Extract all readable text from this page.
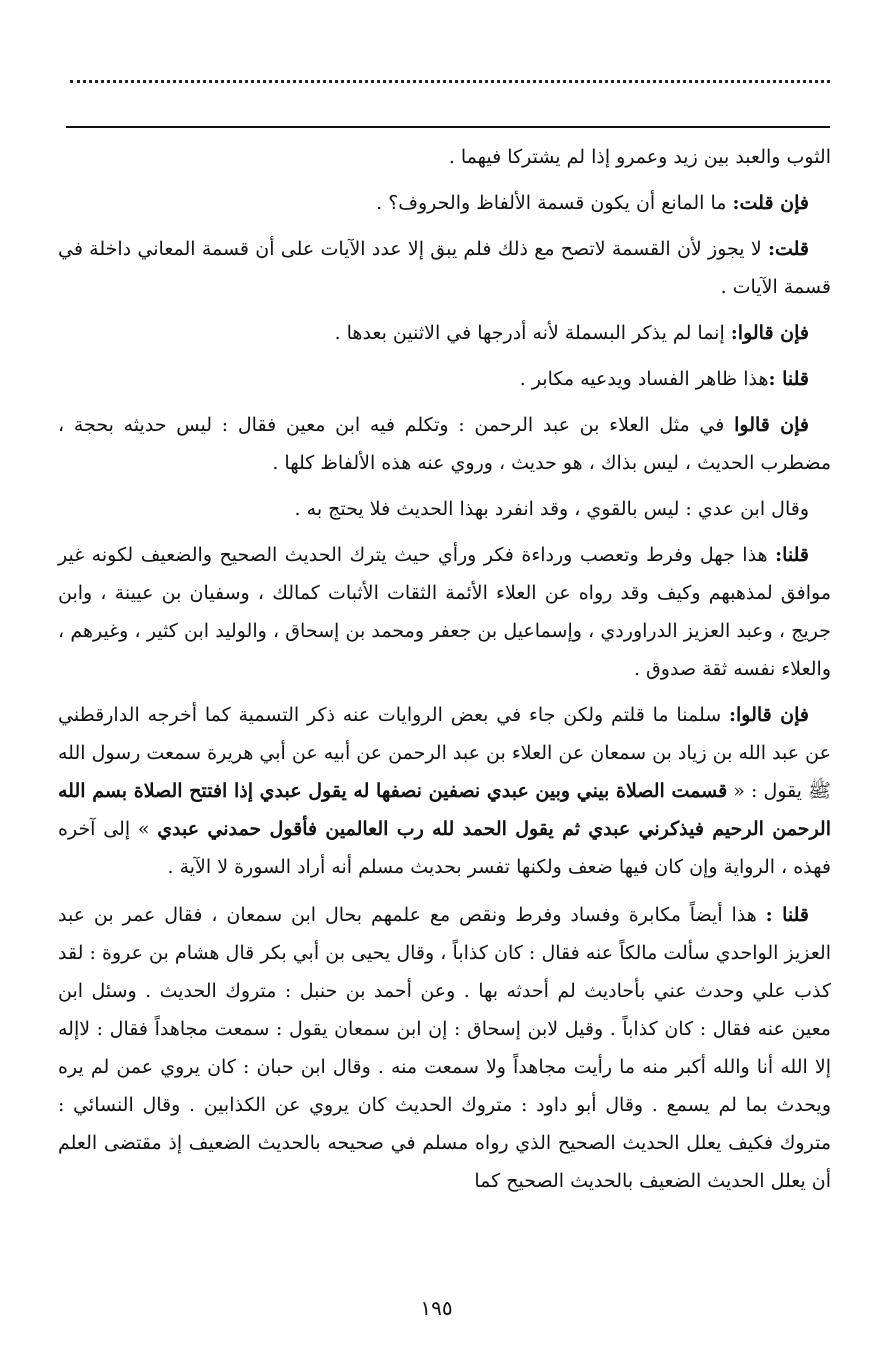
الثوب والعبد بين زيد وعمرو إذا لم يشتركا فيهما .

فإن قلت: ما المانع أن يكون قسمة الألفاظ والحروف؟ .

قلت: لا يجوز لأن القسمة لاتصح مع ذلك فلم يبق إلا عدد الآيات على أن قسمة المعاني داخلة في قسمة الآيات .

فإن قالوا: إنما لم يذكر البسملة لأنه أدرجها في الاثنين بعدها .

قلنا :هذا ظاهر الفساد ويدعيه مكابر .

فإن قالوا في مثل العلاء بن عبد الرحمن : وتكلم فيه ابن معين فقال : ليس حديثه بحجة ، مضطرب الحديث ، ليس بذاك ، هو حديث ، وروي عنه هذه الألفاظ كلها .

وقال ابن عدي : ليس بالقوي ، وقد انفرد بهذا الحديث فلا يحتج به .

قلنا: هذا جهل وفرط وتعصب ورداءة فكر ورأي حيث يترك الحديث الصحيح والضعيف لكونه غير موافق لمذهبهم وكيف وقد رواه عن العلاء الأئمة الثقات الأثبات كمالك ، وسفيان بن عيينة ، وابن جريج ، وعبد العزيز الدراوردي ، وإسماعيل بن جعفر ومحمد بن إسحاق ، والوليد ابن كثير ، وغيرهم ، والعلاء نفسه ثقة صدوق .

فإن قالوا: سلمنا ما قلتم ولكن جاء في بعض الروايات عنه ذكر التسمية كما أخرجه الدارقطني عن عبد الله بن زياد بن سمعان عن العلاء بن عبد الرحمن عن أبيه عن أبي هريرة سمعت رسول الله ﷺ يقول : « قسمت الصلاة بيني وبين عبدي نصفين نصفها له يقول عبدي إذا افتتح الصلاة بسم الله الرحمن الرحيم فيذكرني عبدي ثم يقول الحمد لله رب العالمين فأقول حمدني عبدي » إلى آخره فهذه ، الرواية وإن كان فيها ضعف ولكنها تفسر بحديث مسلم أنه أراد السورة لا الآية .

قلنا : هذا أيضاً مكابرة وفساد وفرط ونقص مع علمهم بحال ابن سمعان ، فقال عمر بن عبد العزيز الواحدي سألت مالكاً عنه فقال : كان كذاباً ، وقال يحيى بن أبي بكر قال هشام بن عروة : لقد كذب علي وحدث عني بأحاديث لم أحدثه بها . وعن أحمد بن حنبل : متروك الحديث . وسئل ابن معين عنه فقال : كان كذاباً . وقيل لابن إسحاق : إن ابن سمعان يقول : سمعت مجاهداً فقال : لاإله إلا الله أنا والله أكبر منه ما رأيت مجاهداً ولا سمعت منه . وقال ابن حبان : كان يروي عمن لم يره ويحدث بما لم يسمع . وقال أبو داود : متروك الحديث كان يروي عن الكذابين . وقال النسائي : متروك فكيف يعلل الحديث الصحيح الذي رواه مسلم في صحيحه بالحديث الضعيف إذ مقتضى العلم أن يعلل الحديث الضعيف بالحديث الصحيح كما

١٩٥
